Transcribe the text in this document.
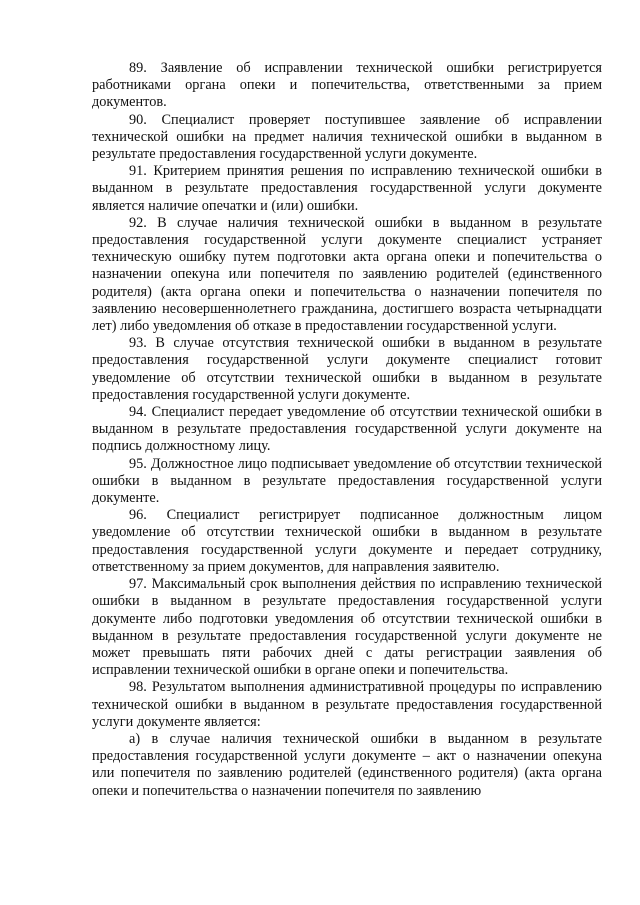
89. Заявление об исправлении технической ошибки регистрируется работниками органа опеки и попечительства, ответственными за прием документов.

90. Специалист проверяет поступившее заявление об исправлении технической ошибки на предмет наличия технической ошибки в выданном в результате предоставления государственной услуги документе.

91. Критерием принятия решения по исправлению технической ошибки в выданном в результате предоставления государственной услуги документе является наличие опечатки и (или) ошибки.

92. В случае наличия технической ошибки в выданном в результате предоставления государственной услуги документе специалист устраняет техническую ошибку путем подготовки акта органа опеки и попечительства о назначении опекуна или попечителя по заявлению родителей (единственного родителя) (акта органа опеки и попечительства о назначении попечителя по заявлению несовершеннолетнего гражданина, достигшего возраста четырнадцати лет) либо уведомления об отказе в предоставлении государственной услуги.

93. В случае отсутствия технической ошибки в выданном в результате предоставления государственной услуги документе специалист готовит уведомление об отсутствии технической ошибки в выданном в результате предоставления государственной услуги документе.

94. Специалист передает уведомление об отсутствии технической ошибки в выданном в результате предоставления государственной услуги документе на подпись должностному лицу.

95. Должностное лицо подписывает уведомление об отсутствии технической ошибки в выданном в результате предоставления государственной услуги документе.

96. Специалист регистрирует подписанное должностным лицом уведомление об отсутствии технической ошибки в выданном в результате предоставления государственной услуги документе и передает сотруднику, ответственному за прием документов, для направления заявителю.

97. Максимальный срок выполнения действия по исправлению технической ошибки в выданном в результате предоставления государственной услуги документе либо подготовки уведомления об отсутствии технической ошибки в выданном в результате предоставления государственной услуги документе не может превышать пяти рабочих дней с даты регистрации заявления об исправлении технической ошибки в органе опеки и попечительства.

98. Результатом выполнения административной процедуры по исправлению технической ошибки в выданном в результате предоставления государственной услуги документе является:

а) в случае наличия технической ошибки в выданном в результате предоставления государственной услуги документе – акт о назначении опекуна или попечителя по заявлению родителей (единственного родителя) (акта органа опеки и попечительства о назначении попечителя по заявлению
